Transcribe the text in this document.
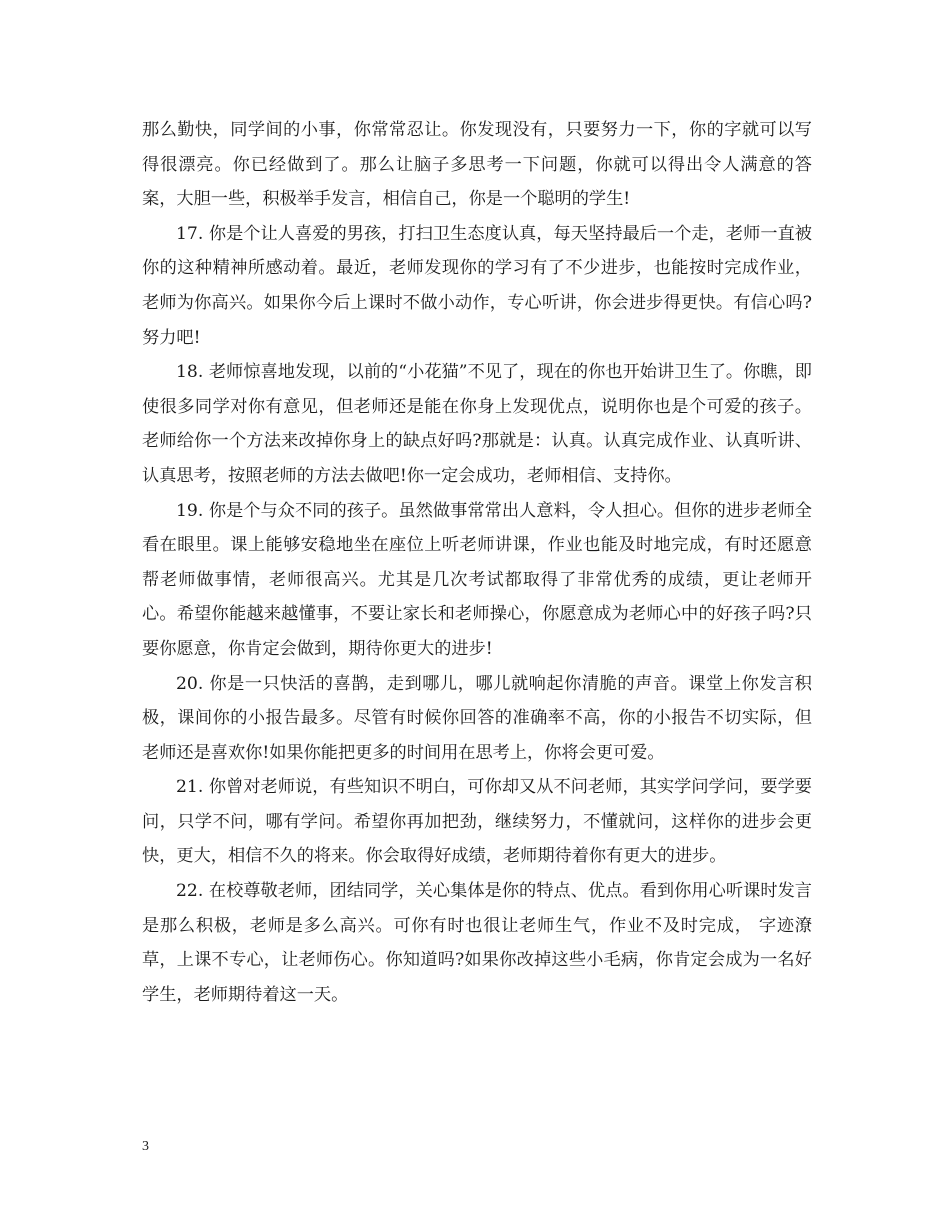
那么勤快，同学间的小事，你常常忍让。你发现没有，只要努力一下，你的字就可以写得很漂亮。你已经做到了。那么让脑子多思考一下问题，你就可以得出令人满意的答案，大胆一些，积极举手发言，相信自己，你是一个聪明的学生!

17. 你是个让人喜爱的男孩，打扫卫生态度认真，每天坚持最后一个走，老师一直被你的这种精神所感动着。最近，老师发现你的学习有了不少进步，也能按时完成作业，老师为你高兴。如果你今后上课时不做小动作，专心听讲，你会进步得更快。有信心吗?努力吧!

18. 老师惊喜地发现，以前的“小花猫”不见了，现在的你也开始讲卫生了。你瞧，即使很多同学对你有意见，但老师还是能在你身上发现优点，说明你也是个可爱的孩子。老师给你一个方法来改掉你身上的缺点好吗?那就是：认真。认真完成作业、认真听讲、认真思考，按照老师的方法去做吧!你一定会成功，老师相信、支持你。

19. 你是个与众不同的孩子。虽然做事常常出人意料，令人担心。但你的进步老师全看在眼里。课上能够安稳地坐在座位上听老师讲课，作业也能及时地完成，有时还愿意帮老师做事情，老师很高兴。尤其是几次考试都取得了非常优秀的成绩，更让老师开心。希望你能越来越懂事，不要让家长和老师操心，你愿意成为老师心中的好孩子吗?只要你愿意，你肯定会做到，期待你更大的进步!

20. 你是一只快活的喜鹊，走到哪儿，哪儿就响起你清脆的声音。课堂上你发言积极，课间你的小报告最多。尽管有时候你回答的准确率不高，你的小报告不切实际，但老师还是喜欢你!如果你能把更多的时间用在思考上，你将会更可爱。

21. 你曾对老师说，有些知识不明白，可你却又从不问老师，其实学问学问，要学要问，只学不问，哪有学问。希望你再加把劲，继续努力，不懂就问，这样你的进步会更快，更大，相信不久的将来。你会取得好成绩，老师期待着你有更大的进步。

22. 在校尊敬老师，团结同学，关心集体是你的特点、优点。看到你用心听课时发言是那么积极，老师是多么高兴。可你有时也很让老师生气，作业不及时完成， 字迹潦草，上课不专心，让老师伤心。你知道吗?如果你改掉这些小毛病，你肯定会成为一名好学生，老师期待着这一天。

3
